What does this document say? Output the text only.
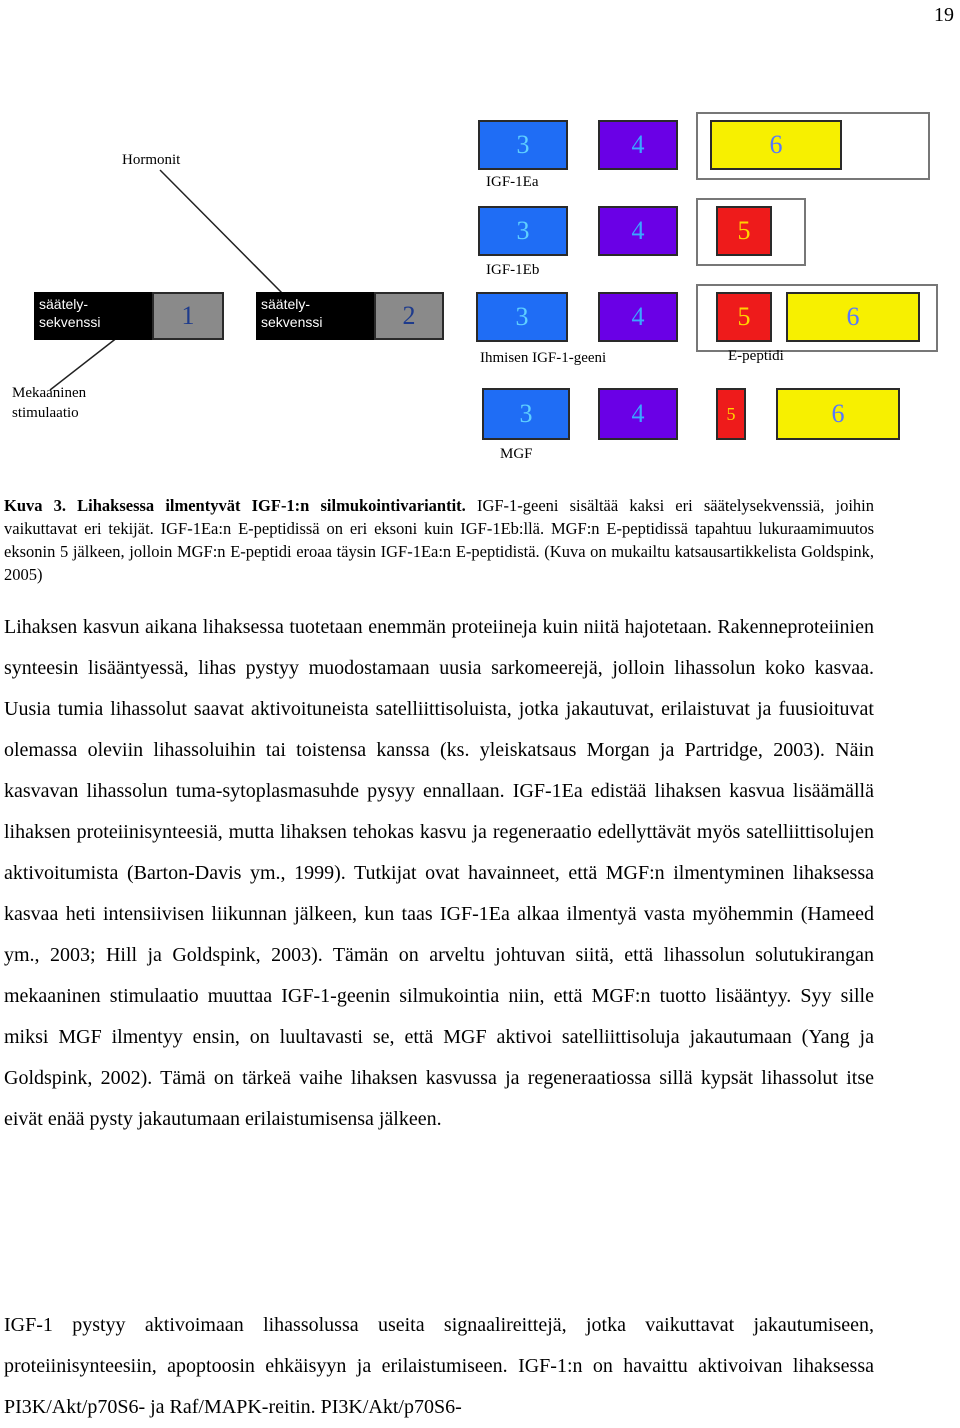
19
Hormonit
Mekaaninen
stimulaatio
säätely-
sekvenssi	1	säätely-
sekvenssi	2
3	4	6
IGF-1Ea
3	4	5
IGF-1Eb
3	4	5	6
Ihmisen IGF-1-geeni	E-peptidi
3	4	5	6
MGF
Kuva 3. Lihaksessa ilmentyvät IGF-1:n silmukointivariantit. IGF-1-geeni sisältää kaksi eri säätelysekvenssiä, joihin vaikuttavat eri tekijät. IGF-1Ea:n E-peptidissä on eri eksoni kuin IGF-1Eb:llä. MGF:n E-peptidissä tapahtuu lukuraamimuutos eksonin 5 jälkeen, jolloin MGF:n E-peptidi eroaa täysin IGF-1Ea:n E-peptidistä. (Kuva on mukailtu katsausartikkelista Goldspink, 2005)
Lihaksen kasvun aikana lihaksessa tuotetaan enemmän proteiineja kuin niitä hajotetaan. Rakenneproteiinien synteesin lisääntyessä, lihas pystyy muodostamaan uusia sarkomeerejä, jolloin lihassolun koko kasvaa. Uusia tumia lihassolut saavat aktivoituneista satelliittisoluista, jotka jakautuvat, erilaistuvat ja fuusioituvat olemassa oleviin lihassoluihin tai toistensa kanssa (ks. yleiskatsaus Morgan ja Partridge, 2003). Näin kasvavan lihassolun tuma-sytoplasmasuhde pysyy ennallaan. IGF-1Ea edistää lihaksen kasvua lisäämällä lihaksen proteiinisynteesiä, mutta lihaksen tehokas kasvu ja regeneraatio edellyttävät myös satelliittisolujen aktivoitumista (Barton-Davis ym., 1999). Tutkijat ovat havainneet, että MGF:n ilmentyminen lihaksessa kasvaa heti intensiivisen liikunnan jälkeen, kun taas IGF-1Ea alkaa ilmentyä vasta myöhemmin (Hameed ym., 2003; Hill ja Goldspink, 2003). Tämän on arveltu johtuvan siitä, että lihassolun solutukirangan mekaaninen stimulaatio muuttaa IGF-1-geenin silmukointia niin, että MGF:n tuotto lisääntyy. Syy sille miksi MGF ilmentyy ensin, on luultavasti se, että MGF aktivoi satelliittisoluja jakautumaan (Yang ja Goldspink, 2002). Tämä on tärkeä vaihe lihaksen kasvussa ja regeneraatiossa sillä kypsät lihassolut itse eivät enää pysty jakautumaan erilaistumisensa jälkeen.
IGF-1 pystyy aktivoimaan lihassolussa useita signaalireittejä, jotka vaikuttavat jakautumiseen, proteiinisynteesiin, apoptoosin ehkäisyyn ja erilaistumiseen. IGF-1:n on havaittu aktivoivan lihaksessa PI3K/Akt/p70S6- ja Raf/MAPK-reitin. PI3K/Akt/p70S6-
